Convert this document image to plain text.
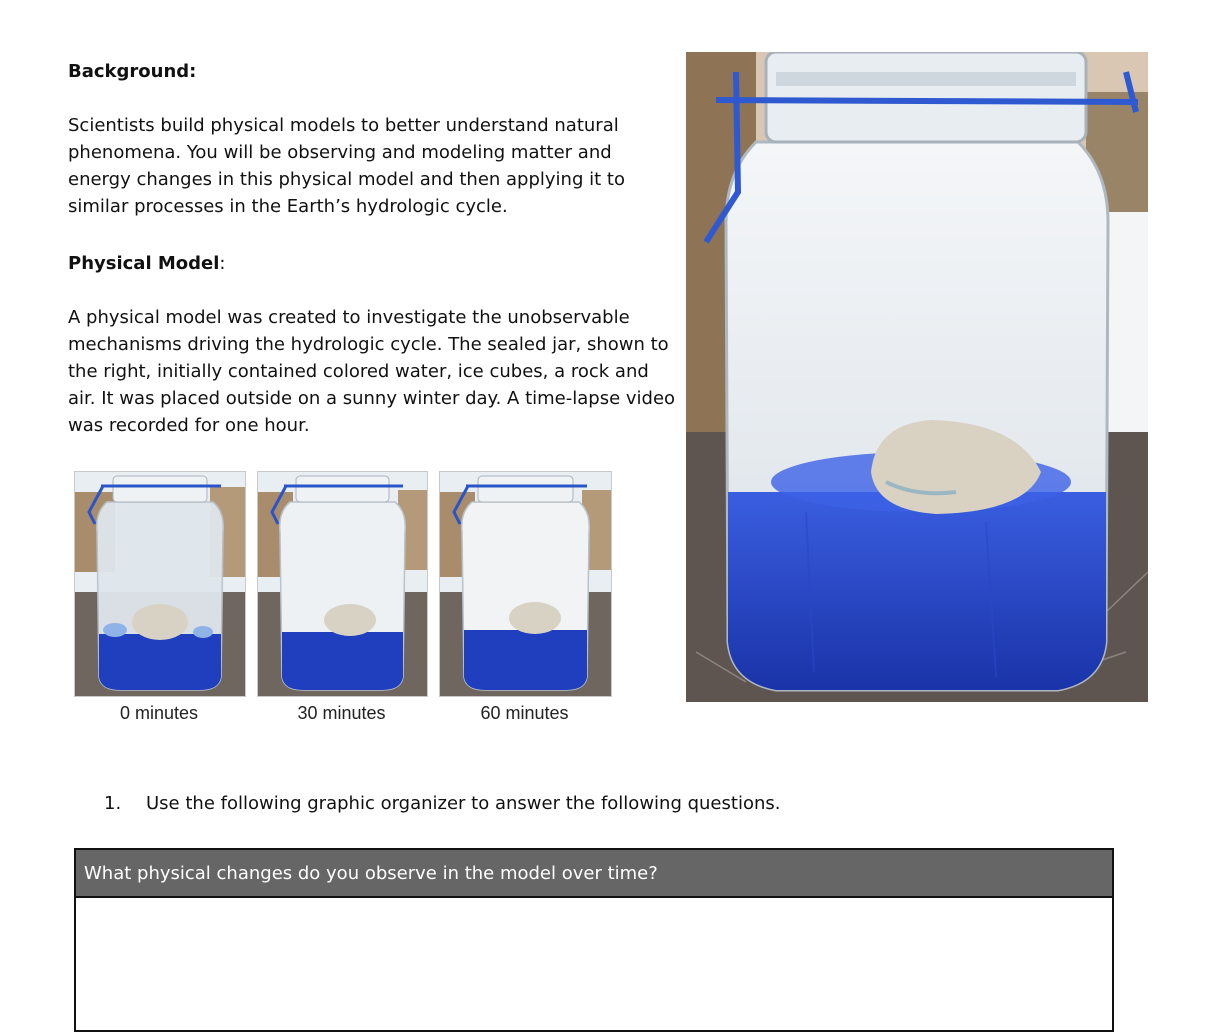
Background:

Scientists build physical models to better understand natural phenomena. You will be observing and modeling matter and energy changes in this physical model and then applying it to similar processes in the Earth’s hydrologic cycle.

Physical Model:

A physical model was created to investigate the unobservable mechanisms driving the hydrologic cycle. The sealed jar, shown to the right, initially contained colored water, ice cubes, a rock and air. It was placed outside on a sunny winter day. A time-lapse video was recorded for one hour.

0 minutes	30 minutes	60 minutes
1. Use the following graphic organizer to answer the following questions.
What physical changes do you observe in the model over time?
